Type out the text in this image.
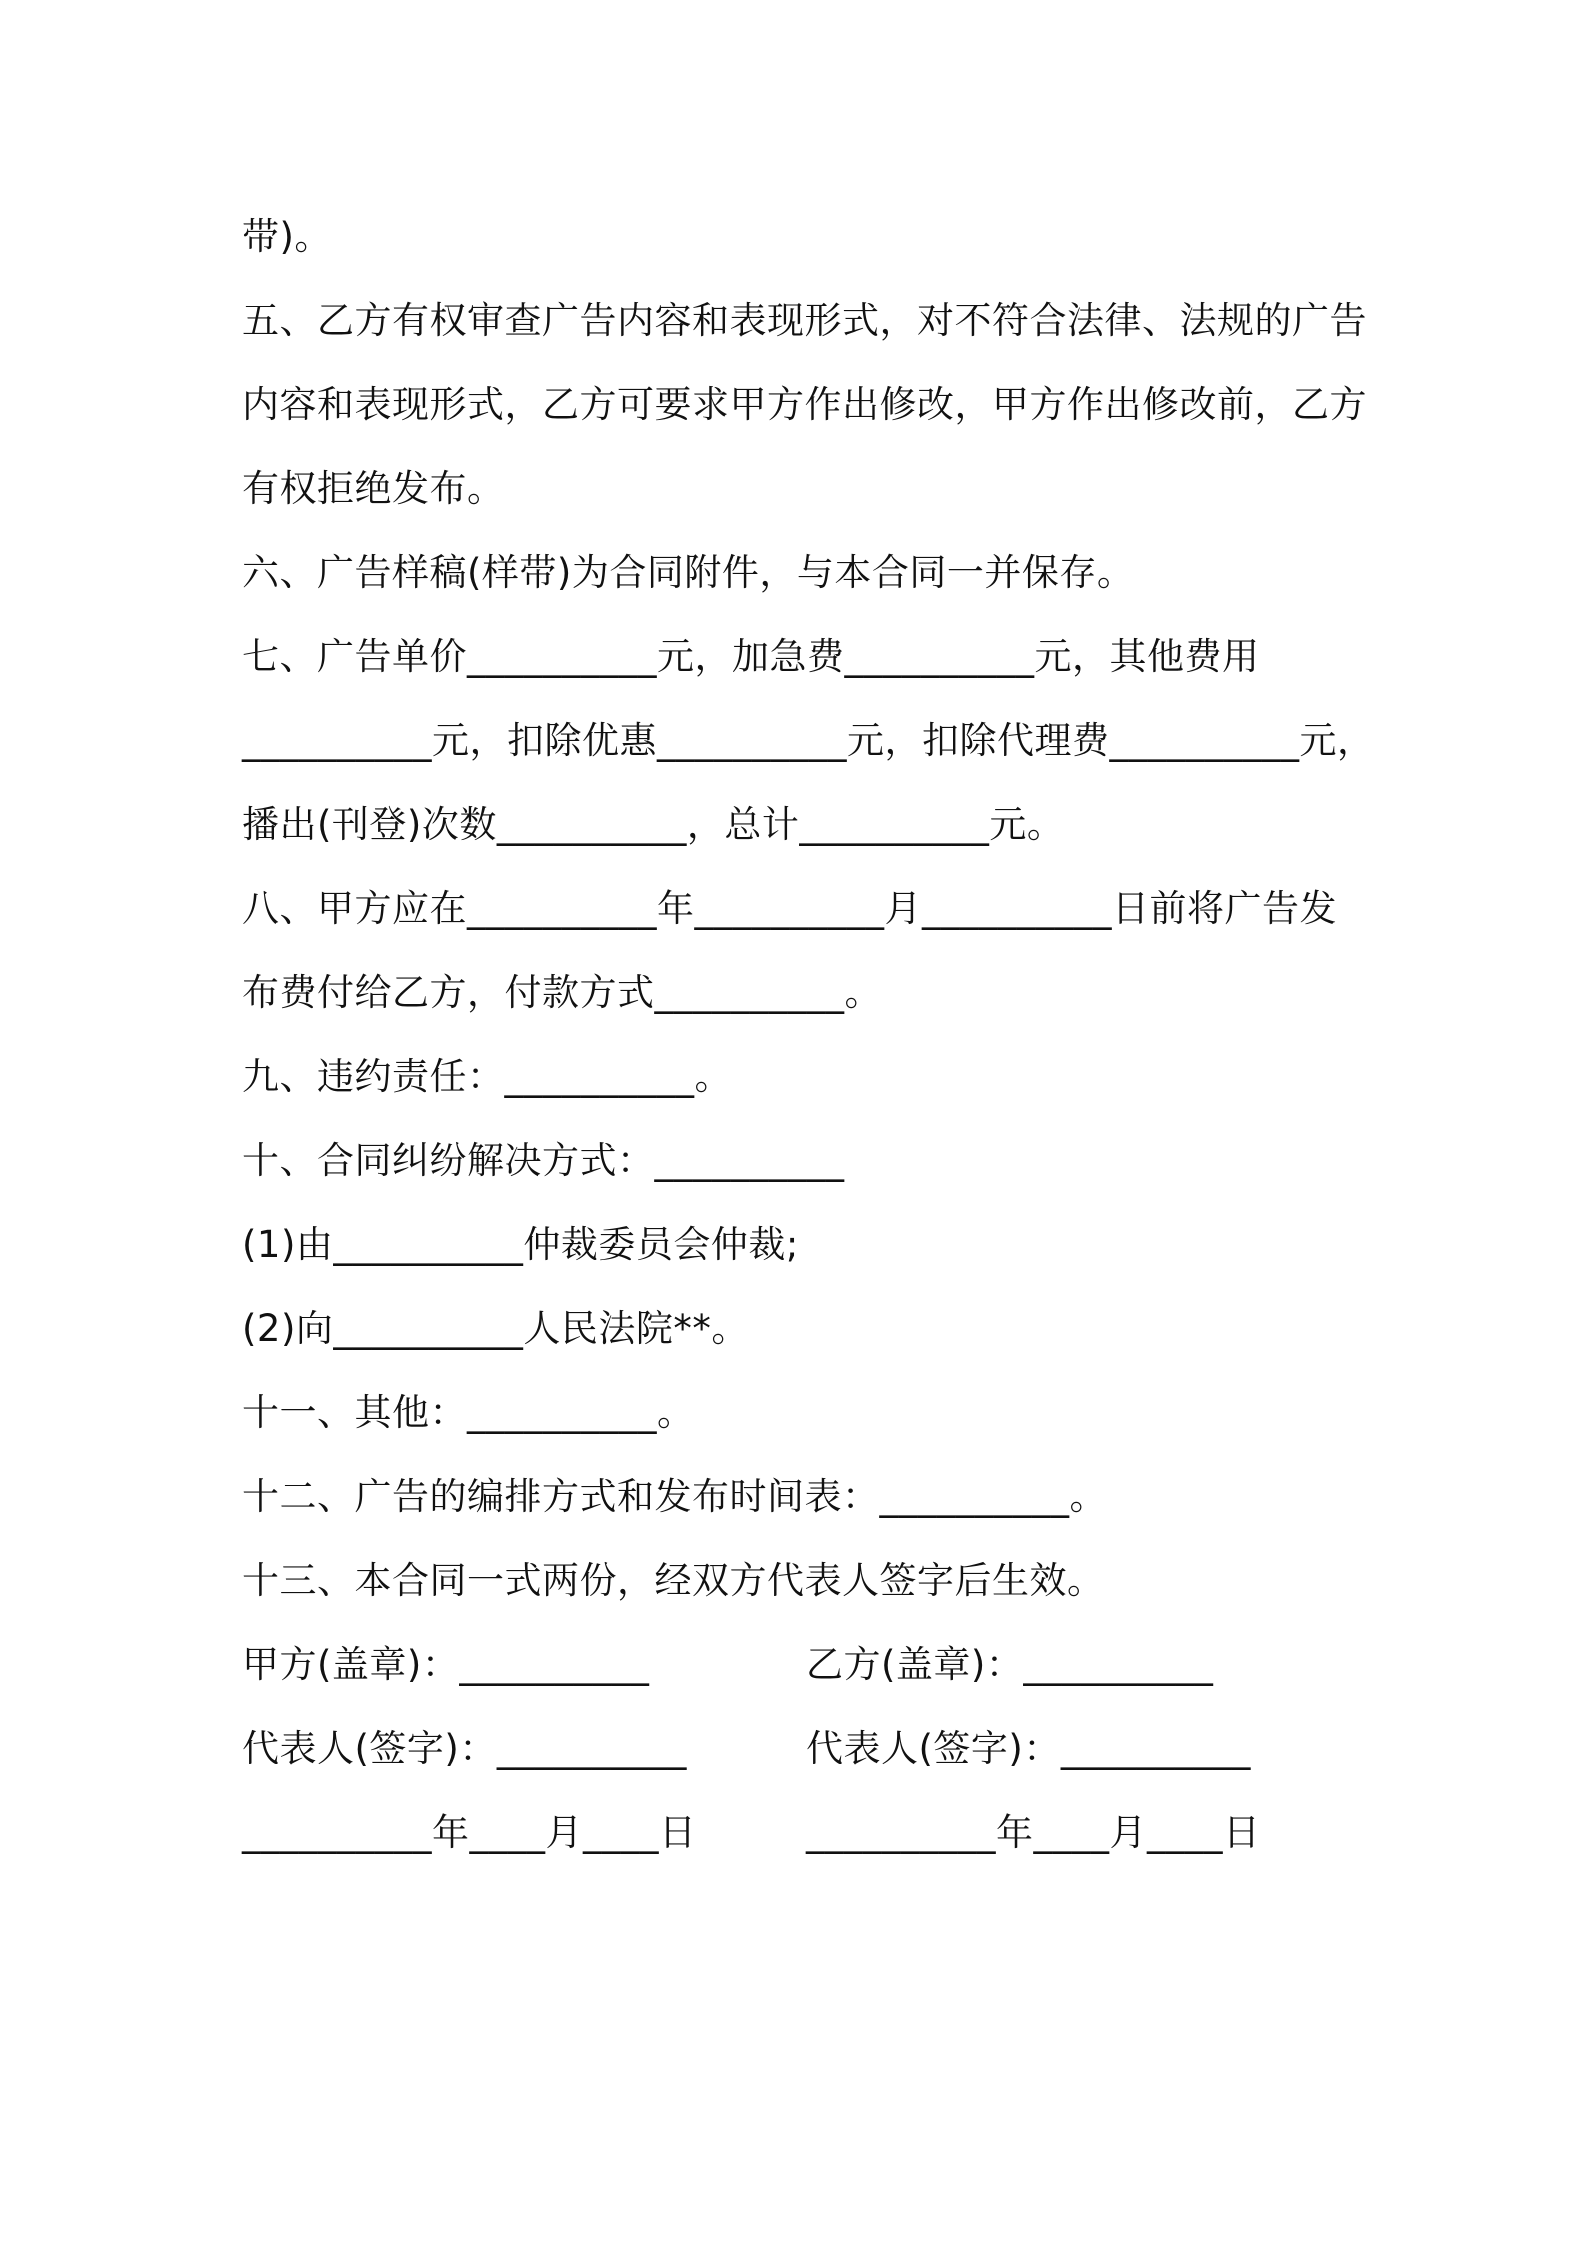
带)。
五、乙方有权审查广告内容和表现形式，对不符合法律、法规的广告
内容和表现形式，乙方可要求甲方作出修改，甲方作出修改前，乙方
有权拒绝发布。
六、广告样稿(样带)为合同附件，与本合同一并保存。
七、广告单价__________元，加急费__________元，其他费用
__________元，扣除优惠__________元，扣除代理费__________元，
播出(刊登)次数__________，总计__________元。
八、甲方应在__________年__________月__________日前将广告发
布费付给乙方，付款方式__________。
九、违约责任：__________。
十、合同纠纷解决方式：__________
(1)由__________仲裁委员会仲裁;
(2)向__________人民法院**。
十一、其他：__________。
十二、广告的编排方式和发布时间表：__________。
十三、本合同一式两份，经双方代表人签字后生效。
甲方(盖章)：__________	乙方(盖章)：__________
代表人(签字)：__________	代表人(签字)：__________
__________年____月____日	__________年____月____日
